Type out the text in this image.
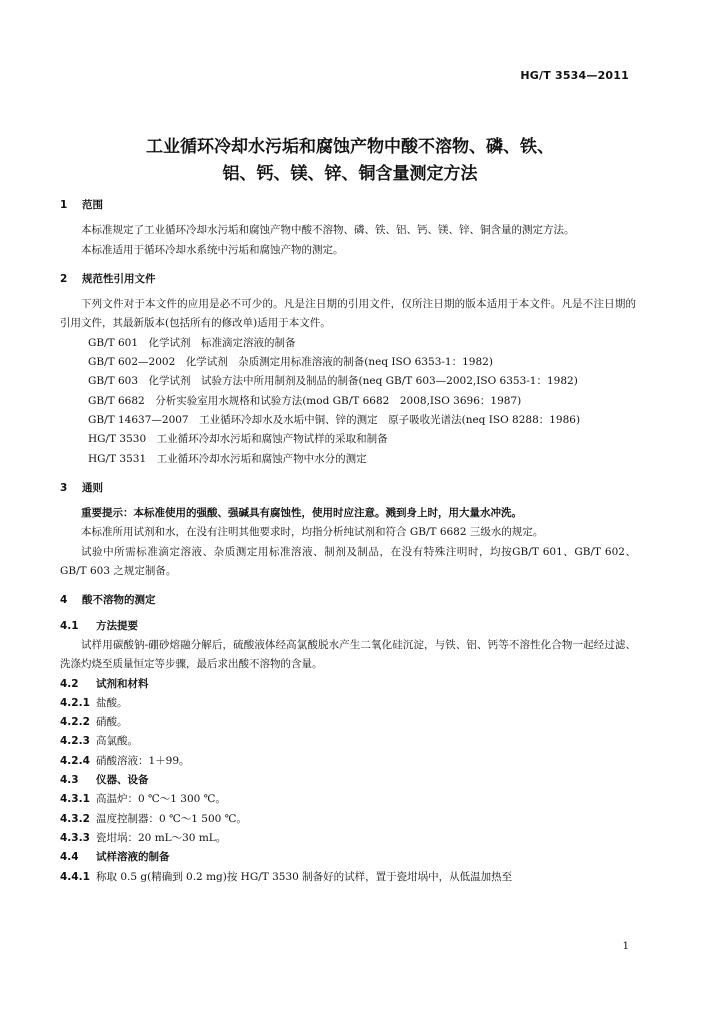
HG/T 3534—2011
工业循环冷却水污垢和腐蚀产物中酸不溶物、磷、铁、
铝、钙、镁、锌、铜含量测定方法
1 范围
本标准规定了工业循环冷却水污垢和腐蚀产物中酸不溶物、磷、铁、铝、钙、镁、锌、铜含量的测定方法。
本标准适用于循环冷却水系统中污垢和腐蚀产物的测定。
2 规范性引用文件
下列文件对于本文件的应用是必不可少的。凡是注日期的引用文件，仅所注日期的版本适用于本文件。凡是不注日期的引用文件，其最新版本(包括所有的修改单)适用于本文件。
GB/T 601　化学试剂　标准滴定溶液的制备
GB/T 602—2002　化学试剂　杂质测定用标准溶液的制备(neq ISO 6353-1：1982)
GB/T 603　化学试剂　试验方法中所用制剂及制品的制备(neq GB/T 603—2002,ISO 6353-1：1982)
GB/T 6682　分析实验室用水规格和试验方法(mod GB/T 6682　2008,ISO 3696：1987)
GB/T 14637—2007　工业循环冷却水及水垢中铜、锌的测定　原子吸收光谱法(neq ISO 8288：1986)
HG/T 3530　工业循环冷却水污垢和腐蚀产物试样的采取和制备
HG/T 3531　工业循环冷却水污垢和腐蚀产物中水分的测定
3 通则
重要提示：本标准使用的强酸、强碱具有腐蚀性，使用时应注意。溅到身上时，用大量水冲洗。
本标准所用试剂和水，在没有注明其他要求时，均指分析纯试剂和符合 GB/T 6682 三级水的规定。
试验中所需标准滴定溶液、杂质测定用标准溶液、制剂及制品，在没有特殊注明时，均按GB/T 601、GB/T 602、GB/T 603 之规定制备。
4 酸不溶物的测定
4.1 方法提要
试样用碳酸钠-硼砂熔融分解后，硫酸液体经高氯酸脱水产生二氧化硅沉淀，与铁、铝、钙等不溶性化合物一起经过滤、洗涤灼烧至质量恒定等步骤，最后求出酸不溶物的含量。
4.2 试剂和材料
4.2.1 盐酸。
4.2.2 硝酸。
4.2.3 高氯酸。
4.2.4 硝酸溶液：1＋99。
4.3 仪器、设备
4.3.1 高温炉：0 ℃～1 300 ℃。
4.3.2 温度控制器：0 ℃～1 500 ℃。
4.3.3 瓷坩埚：20 mL～30 mL。
4.4 试样溶液的制备
4.4.1 称取 0.5 g(精确到 0.2 mg)按 HG/T 3530 制备好的试样，置于瓷坩埚中，从低温加热至
1
